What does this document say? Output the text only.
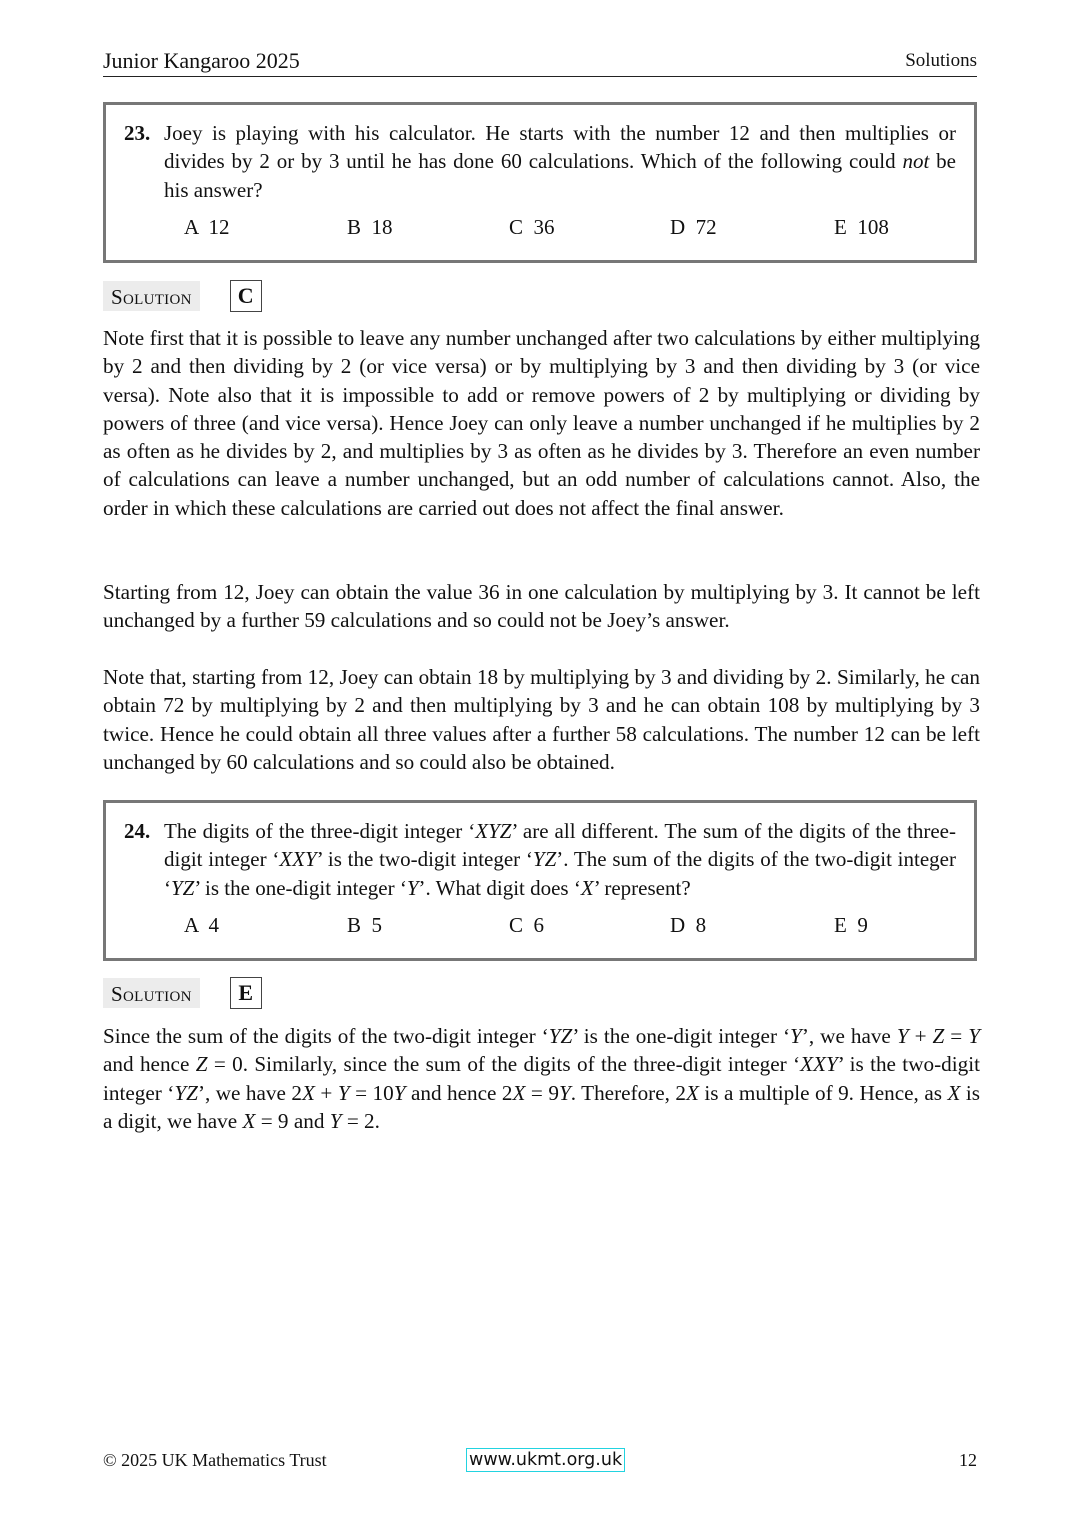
Junior Kangaroo 2025	Solutions
23. Joey is playing with his calculator. He starts with the number 12 and then multiplies or divides by 2 or by 3 until he has done 60 calculations. Which of the following could not be his answer?
A  12	B  18	C  36	D  72	E  108
Solution	C

Note first that it is possible to leave any number unchanged after two calculations by either multiplying by 2 and then dividing by 2 (or vice versa) or by multiplying by 3 and then dividing by 3 (or vice versa). Note also that it is impossible to add or remove powers of 2 by multiplying or dividing by powers of three (and vice versa). Hence Joey can only leave a number unchanged if he multiplies by 2 as often as he divides by 2, and multiplies by 3 as often as he divides by 3. Therefore an even number of calculations can leave a number unchanged, but an odd number of calculations cannot. Also, the order in which these calculations are carried out does not affect the final answer.

Starting from 12, Joey can obtain the value 36 in one calculation by multiplying by 3. It cannot be left unchanged by a further 59 calculations and so could not be Joey’s answer.

Note that, starting from 12, Joey can obtain 18 by multiplying by 3 and dividing by 2. Similarly, he can obtain 72 by multiplying by 2 and then multiplying by 3 and he can obtain 108 by multiplying by 3 twice. Hence he could obtain all three values after a further 58 calculations. The number 12 can be left unchanged by 60 calculations and so could also be obtained.

24. The digits of the three-digit integer ‘XYZ’ are all different. The sum of the digits of the three-digit integer ‘XXY’ is the two-digit integer ‘YZ’. The sum of the digits of the two-digit integer ‘YZ’ is the one-digit integer ‘Y’. What digit does ‘X’ represent?
A  4	B  5	C  6	D  8	E  9
Solution	E

Since the sum of the digits of the two-digit integer ‘YZ’ is the one-digit integer ‘Y’, we have Y + Z = Y and hence Z = 0. Similarly, since the sum of the digits of the three-digit integer ‘XXY’ is the two-digit integer ‘YZ’, we have 2X + Y = 10Y and hence 2X = 9Y. Therefore, 2X is a multiple of 9. Hence, as X is a digit, we have X = 9 and Y = 2.

© 2025 UK Mathematics Trust	www.ukmt.org.uk	12
